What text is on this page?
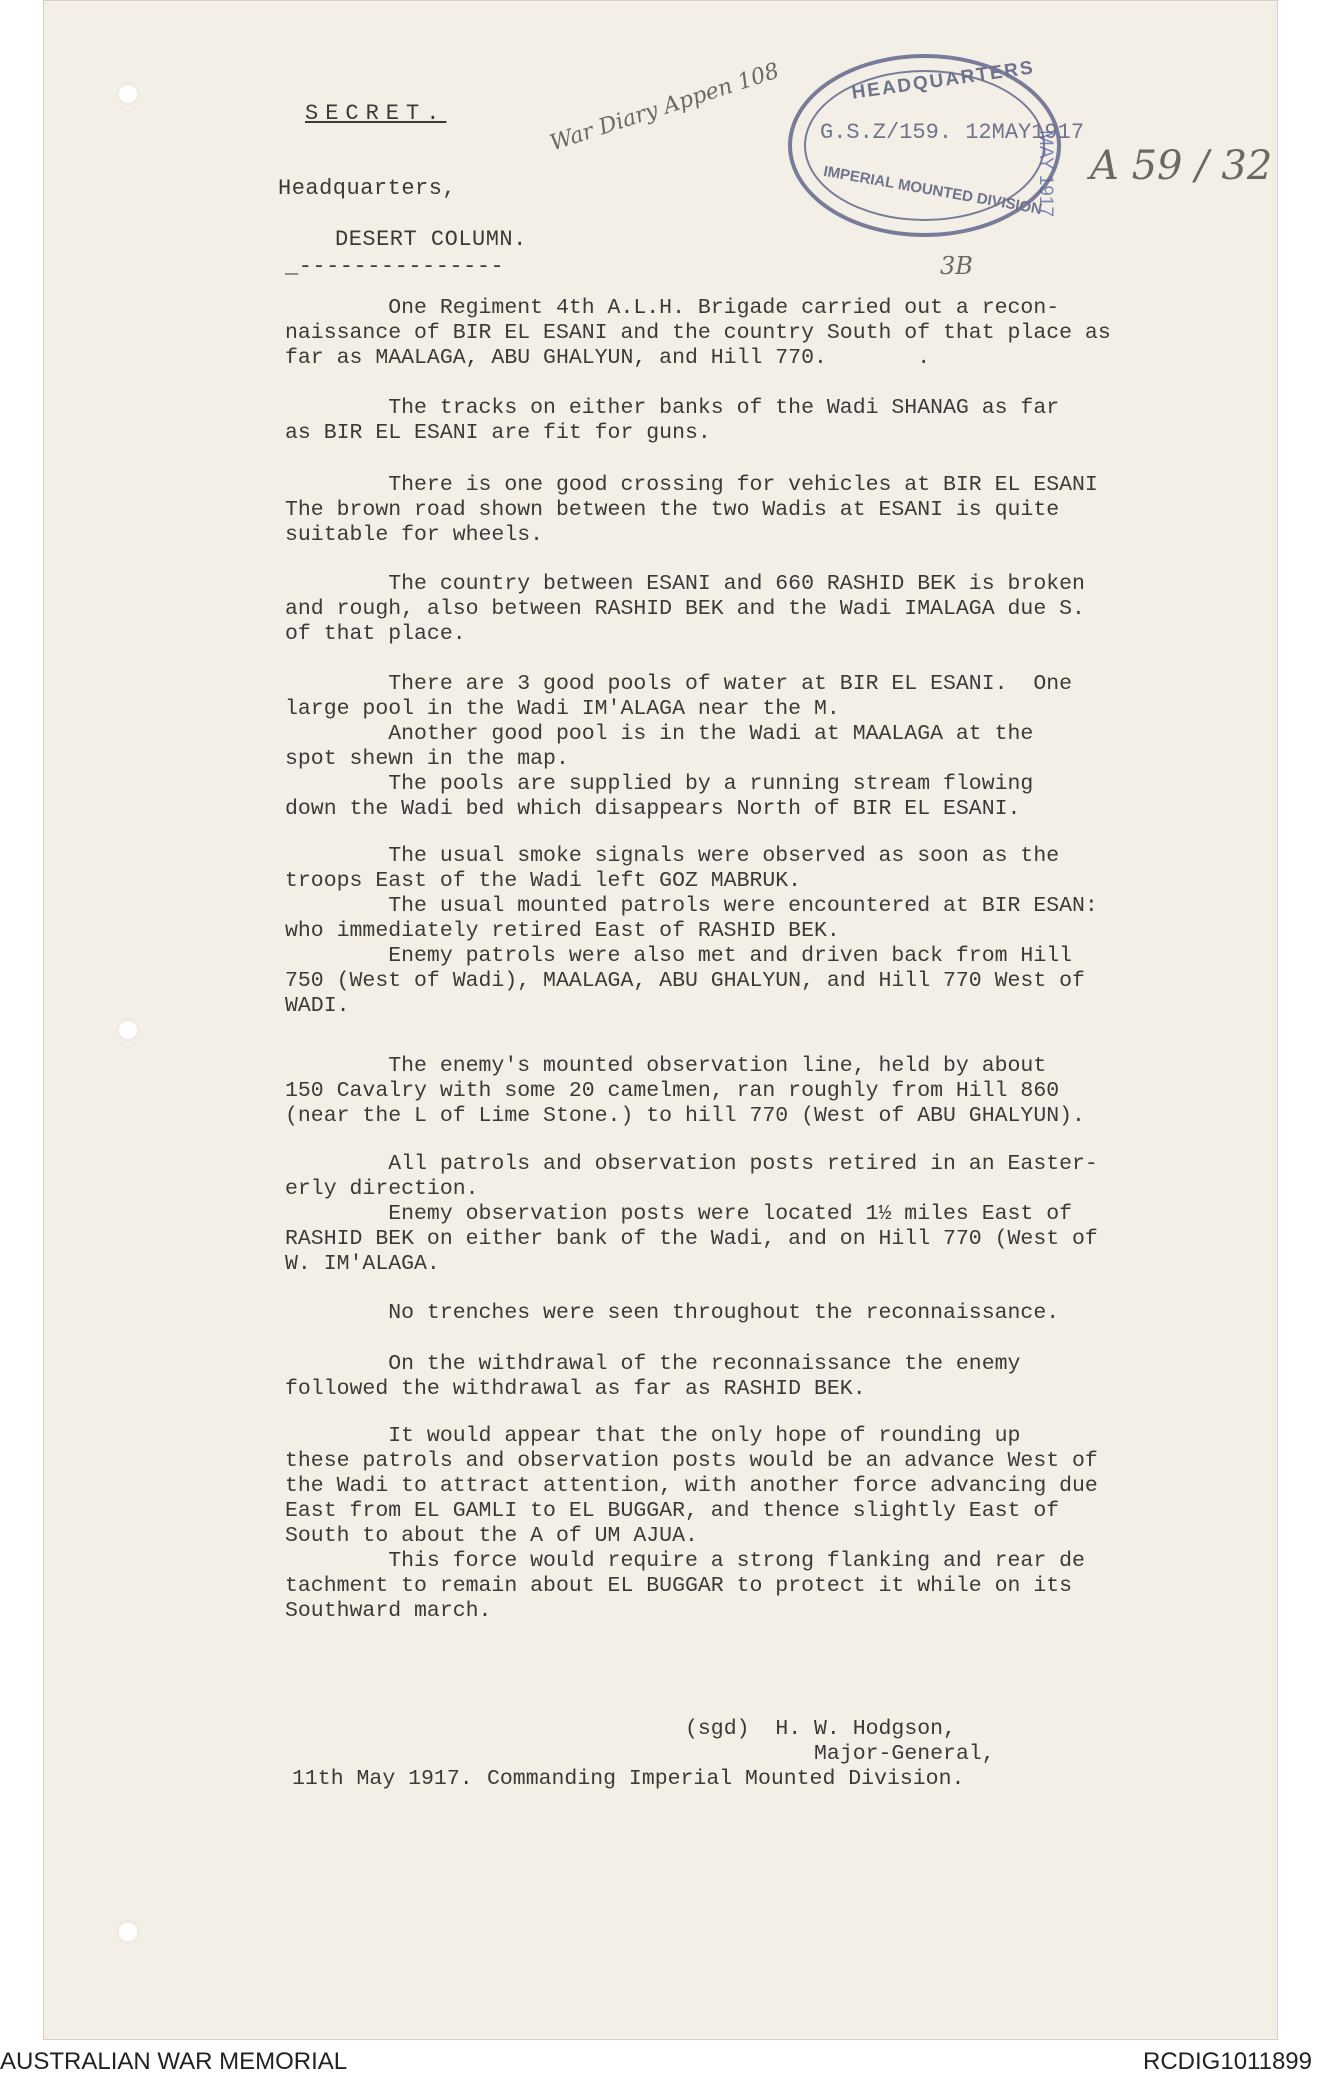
SECRET.
Headquarters,
DESERT COLUMN.
_---------------
War Diary Appen 108
A 59 / 32
3B
MAY 1917
HEADQUARTERS
G.S.Z/159. 12MAY1917
IMPERIAL MOUNTED DIVISION
One Regiment 4th A.L.H. Brigade carried out a recon-
naissance of BIR EL ESANI and the country South of that place as
far as MAALAGA, ABU GHALYUN, and Hill 770.       .
The tracks on either banks of the Wadi SHANAG as far
as BIR EL ESANI are fit for guns.
There is one good crossing for vehicles at BIR EL ESANI
The brown road shown between the two Wadis at ESANI is quite
suitable for wheels.
The country between ESANI and 660 RASHID BEK is broken
and rough, also between RASHID BEK and the Wadi IMALAGA due S.
of that place.
There are 3 good pools of water at BIR EL ESANI.  One
large pool in the Wadi IM'ALAGA near the M.
Another good pool is in the Wadi at MAALAGA at the
spot shewn in the map.
The pools are supplied by a running stream flowing
down the Wadi bed which disappears North of BIR EL ESANI.
The usual smoke signals were observed as soon as the
troops East of the Wadi left GOZ MABRUK.
The usual mounted patrols were encountered at BIR ESAN:
who immediately retired East of RASHID BEK.
Enemy patrols were also met and driven back from Hill
750 (West of Wadi), MAALAGA, ABU GHALYUN, and Hill 770 West of
WADI.
The enemy's mounted observation line, held by about
150 Cavalry with some 20 camelmen, ran roughly from Hill 860
(near the L of Lime Stone.) to hill 770 (West of ABU GHALYUN).
All patrols and observation posts retired in an Easter-
erly direction.
Enemy observation posts were located 1½ miles East of
RASHID BEK on either bank of the Wadi, and on Hill 770 (West of
W. IM'ALAGA.
No trenches were seen throughout the reconnaissance.
On the withdrawal of the reconnaissance the enemy
followed the withdrawal as far as RASHID BEK.
It would appear that the only hope of rounding up
these patrols and observation posts would be an advance West of
the Wadi to attract attention, with another force advancing due
East from EL GAMLI to EL BUGGAR, and thence slightly East of
South to about the A of UM AJUA.
This force would require a strong flanking and rear de
tachment to remain about EL BUGGAR to protect it while on its
Southward march.
(sgd)  H. W. Hodgson,
Major-General,
Commanding Imperial Mounted Division.
11th May 1917.
AUSTRALIAN WAR MEMORIAL	RCDIG1011899
